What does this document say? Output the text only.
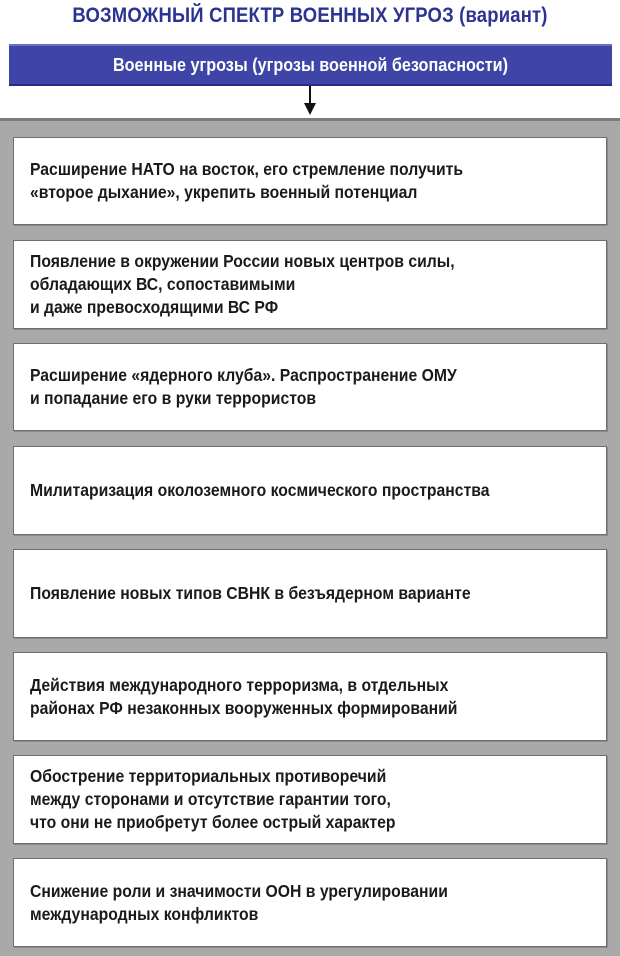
ВОЗМОЖНЫЙ СПЕКТР ВОЕННЫХ УГРОЗ (вариант)
Военные угрозы (угрозы военной безопасности)
Расширение НАТО на восток, его стремление получить
«второе дыхание», укрепить военный потенциал
Появление в окружении России новых центров силы,
обладающих ВС, сопоставимыми
и даже превосходящими ВС РФ
Расширение «ядерного клуба». Распространение ОМУ
и попадание его в руки террористов
Милитаризация околоземного космического пространства
Появление новых типов СВНК в безъядерном варианте
Действия международного терроризма, в отдельных
районах РФ незаконных вооруженных формирований
Обострение территориальных противоречий
между сторонами и отсутствие гарантии того,
что они не приобретут более острый характер
Снижение роли и значимости ООН в урегулировании
международных конфликтов
